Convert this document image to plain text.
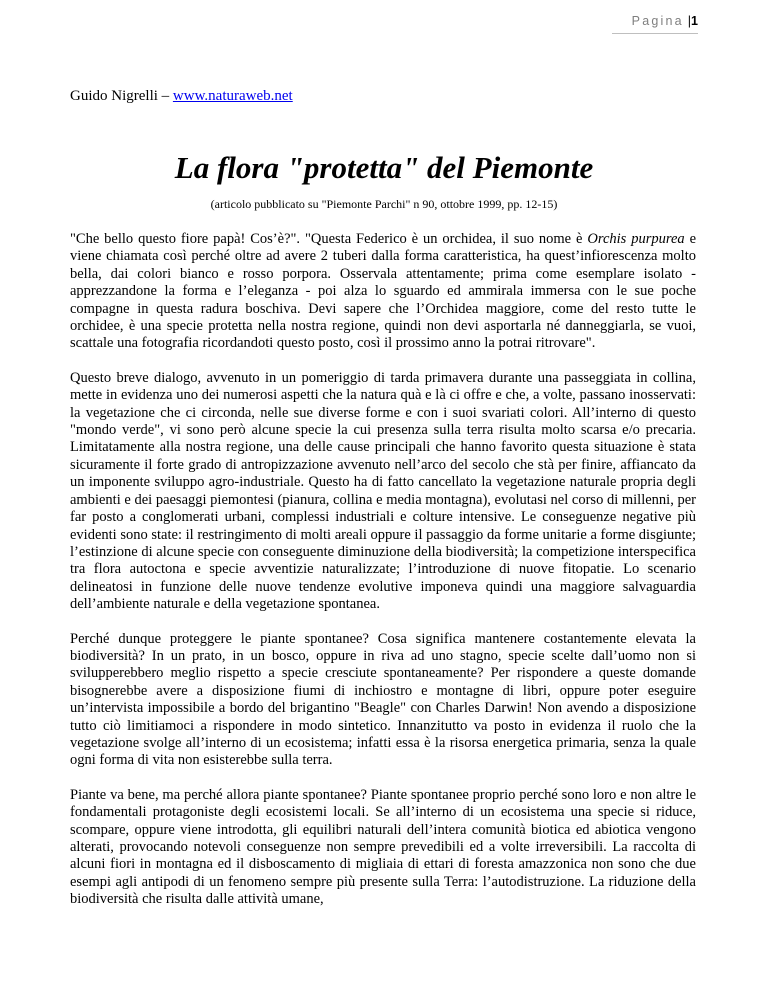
Pagina |1
Guido Nigrelli – www.naturaweb.net
La flora "protetta" del Piemonte
(articolo pubblicato su "Piemonte Parchi" n 90, ottobre 1999, pp. 12-15)

"Che bello questo fiore papà! Cos’è?". "Questa Federico è un orchidea, il suo nome è Orchis purpurea e viene chiamata così perché oltre ad avere 2 tuberi dalla forma caratteristica, ha quest’infiorescenza molto bella, dai colori bianco e rosso porpora. Osservala attentamente; prima come esemplare isolato - apprezzandone la forma e l’eleganza - poi alza lo sguardo ed ammirala immersa con le sue poche compagne in questa radura boschiva. Devi sapere che l’Orchidea maggiore, come del resto tutte le orchidee, è una specie protetta nella nostra regione, quindi non devi asportarla né danneggiarla, se vuoi, scattale una fotografia ricordandoti questo posto, così il prossimo anno la potrai ritrovare".

Questo breve dialogo, avvenuto in un pomeriggio di tarda primavera durante una passeggiata in collina, mette in evidenza uno dei numerosi aspetti che la natura quà e là ci offre e che, a volte, passano inosservati: la vegetazione che ci circonda, nelle sue diverse forme e con i suoi svariati colori. All’interno di questo "mondo verde", vi sono però alcune specie la cui presenza sulla terra risulta molto scarsa e/o precaria. Limitatamente alla nostra regione, una delle cause principali che hanno favorito questa situazione è stata sicuramente il forte grado di antropizzazione avvenuto nell’arco del secolo che stà per finire, affiancato da un imponente sviluppo agro-industriale. Questo ha di fatto cancellato la vegetazione naturale propria degli ambienti e dei paesaggi piemontesi (pianura, collina e media montagna), evolutasi nel corso di millenni, per far posto a conglomerati urbani, complessi industriali e colture intensive. Le conseguenze negative più evidenti sono state: il restringimento di molti areali oppure il passaggio da forme unitarie a forme disgiunte; l’estinzione di alcune specie con conseguente diminuzione della biodiversità; la competizione interspecifica tra flora autoctona e specie avventizie naturalizzate; l’introduzione di nuove fitopatie. Lo scenario delineatosi in funzione delle nuove tendenze evolutive imponeva quindi una maggiore salvaguardia dell’ambiente naturale e della vegetazione spontanea.

Perché dunque proteggere le piante spontanee? Cosa significa mantenere costantemente elevata la biodiversità? In un prato, in un bosco, oppure in riva ad uno stagno, specie scelte dall’uomo non si svilupperebbero meglio rispetto a specie cresciute spontaneamente? Per rispondere a queste domande bisognerebbe avere a disposizione fiumi di inchiostro e montagne di libri, oppure poter eseguire un’intervista impossibile a bordo del brigantino "Beagle" con Charles Darwin! Non avendo a disposizione tutto ciò limitiamoci a rispondere in modo sintetico. Innanzitutto va posto in evidenza il ruolo che la vegetazione svolge all’interno di un ecosistema; infatti essa è la risorsa energetica primaria, senza la quale ogni forma di vita non esisterebbe sulla terra.

Piante va bene, ma perché allora piante spontanee? Piante spontanee proprio perché sono loro e non altre le fondamentali protagoniste degli ecosistemi locali. Se all’interno di un ecosistema una specie si riduce, scompare, oppure viene introdotta, gli equilibri naturali dell’intera comunità biotica ed abiotica vengono alterati, provocando notevoli conseguenze non sempre prevedibili ed a volte irreversibili. La raccolta di alcuni fiori in montagna ed il disboscamento di migliaia di ettari di foresta amazzonica non sono che due esempi agli antipodi di un fenomeno sempre più presente sulla Terra: l’autodistruzione. La riduzione della biodiversità che risulta dalle attività umane,
